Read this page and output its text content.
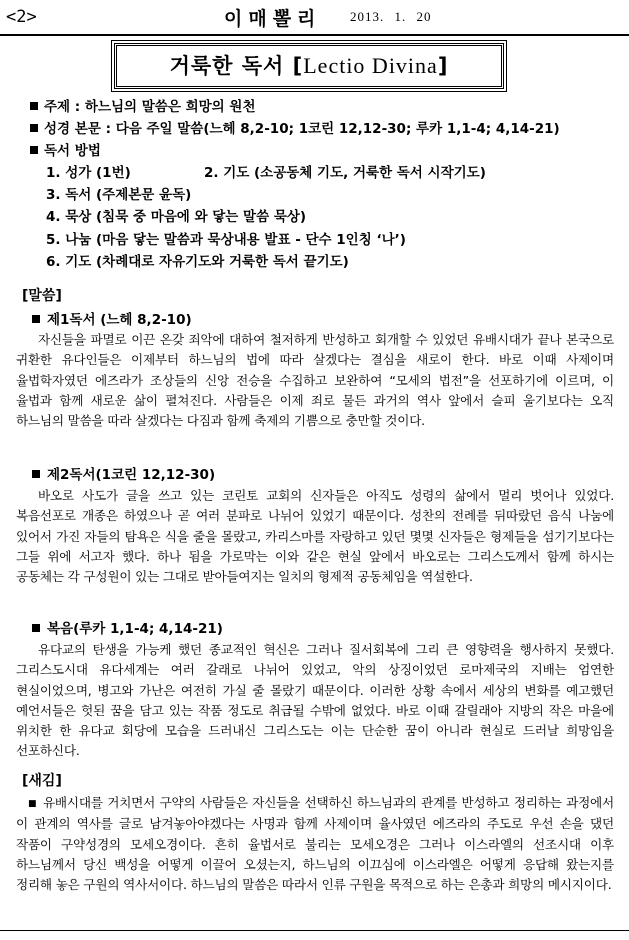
<2>	이매뽈리 2013. 1. 20
거룩한 독서 [Lectio Divina]
주제 : 하느님의 말씀은 희망의 원천
성경 본문 : 다음 주일 말씀(느헤 8,2-10; 1코린 12,12-30; 루카 1,1-4; 4,14-21)
독서 방법
1. 성가 (1번)	2. 기도 (소공동체 기도, 거룩한 독서 시작기도)
3. 독서 (주제본문 윤독)
4. 묵상 (침묵 중 마음에 와 닿는 말씀 묵상)
5. 나눔 (마음 닿는 말씀과 묵상내용 발표 - 단수 1인칭 ‘나’)
6. 기도 (차례대로 자유기도와 거룩한 독서 끝기도)
[말씀]
제1독서 (느헤 8,2-10)
자신들을 파멸로 이끈 온갖 죄악에 대하여 철저하게 반성하고 회개할 수 있었던 유배시대가 끝나 본국으로 귀환한 유다인들은 이제부터 하느님의 법에 따라 살겠다는 결심을 새로이 한다. 바로 이때 사제이며 율법학자였던 에즈라가 조상들의 신앙 전승을 수집하고 보완하여 “모세의 법전”을 선포하기에 이르며, 이 율법과 함께 새로운 삶이 펼쳐진다. 사람들은 이제 죄로 물든 과거의 역사 앞에서 슬피 울기보다는 오직 하느님의 말씀을 따라 살겠다는 다짐과 함께 축제의 기쁨으로 충만할 것이다.
제2독서(1코린 12,12-30)
바오로 사도가 글을 쓰고 있는 코린토 교회의 신자들은 아직도 성령의 삶에서 멀리 벗어나 있었다. 복음선포로 개종은 하였으나 곧 여러 분파로 나뉘어 있었기 때문이다. 성찬의 전례를 뒤따랐던 음식 나눔에 있어서 가진 자들의 탐욕은 식을 줄을 몰랐고, 카리스마를 자랑하고 있던 몇몇 신자들은 형제들을 섬기기보다는 그들 위에 서고자 했다. 하나 됨을 가로막는 이와 같은 현실 앞에서 바오로는 그리스도께서 함께 하시는 공동체는 각 구성원이 있는 그대로 받아들여지는 일치의 형제적 공동체임을 역설한다.
복음(루카 1,1-4; 4,14-21)
유다교의 탄생을 가능케 했던 종교적인 혁신은 그러나 질서회복에 그리 큰 영향력을 행사하지 못했다. 그리스도시대 유다세계는 여러 갈래로 나뉘어 있었고, 악의 상징이었던 로마제국의 지배는 엄연한 현실이었으며, 병고와 가난은 여전히 가실 줄 몰랐기 때문이다. 이러한 상황 속에서 세상의 변화를 예고했던 예언서들은 헛된 꿈을 담고 있는 작품 정도로 취급될 수밖에 없었다. 바로 이때 갈릴래아 지방의 작은 마을에 위치한 한 유다교 회당에 모습을 드러내신 그리스도는 이는 단순한 꿈이 아니라 현실로 드러날 희망임을 선포하신다.
[새김]
■ 유배시대를 거치면서 구약의 사람들은 자신들을 선택하신 하느님과의 관계를 반성하고 정리하는 과정에서 이 관계의 역사를 글로 남겨놓아야겠다는 사명과 함께 사제이며 율사였던 에즈라의 주도로 우선 손을 댔던 작품이 구약성경의 모세오경이다. 흔히 율법서로 불리는 모세오경은 그러나 이스라엘의 선조시대 이후 하느님께서 당신 백성을 어떻게 이끌어 오셨는지, 하느님의 이끄심에 이스라엘은 어떻게 응답해 왔는지를 정리해 놓은 구원의 역사서이다. 하느님의 말씀은 따라서 인류 구원을 목적으로 하는 은총과 희망의 메시지이다.
